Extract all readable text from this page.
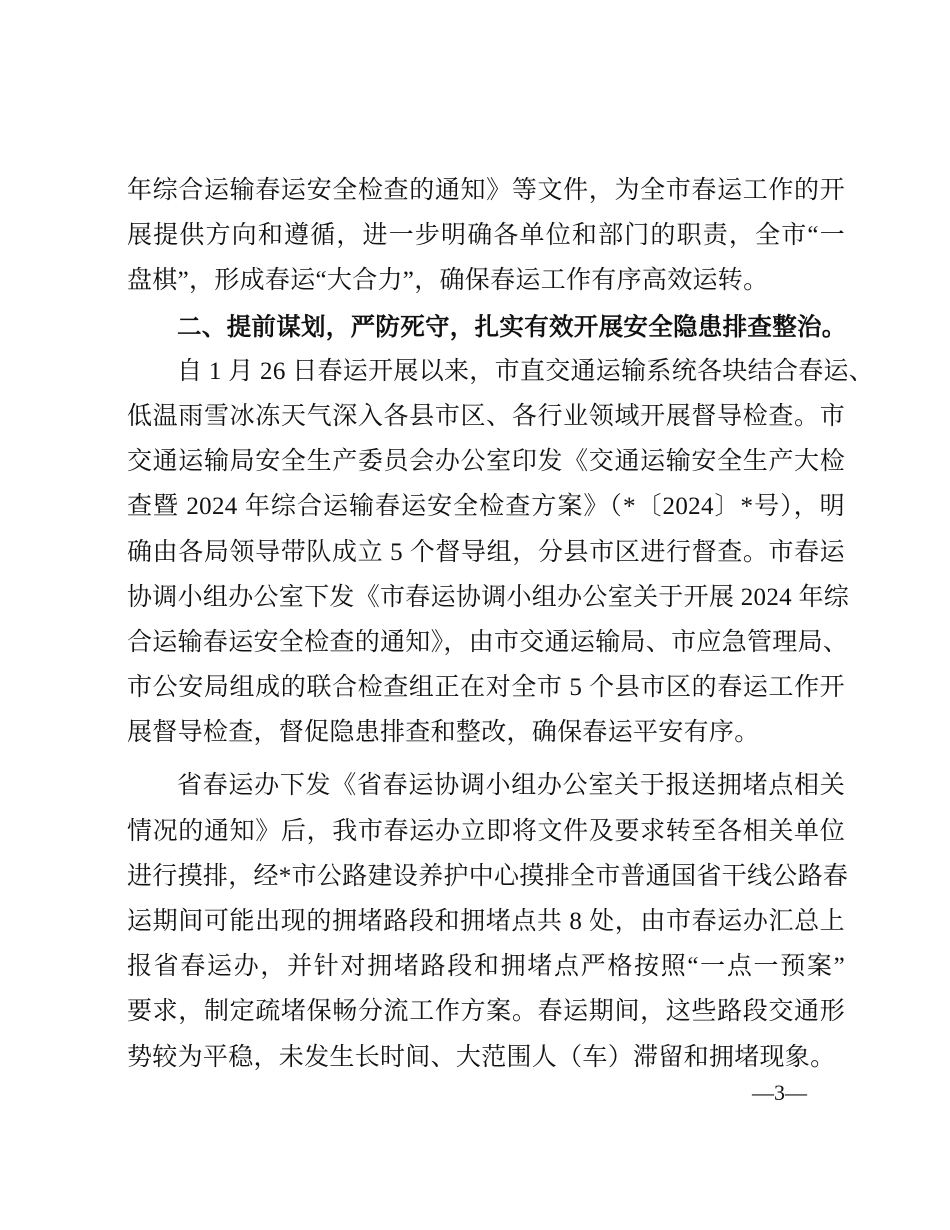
年综合运输春运安全检查的通知》等文件，为全市春运工作的开
展提供方向和遵循，进一步明确各单位和部门的职责，全市“一
盘棋”，形成春运“大合力”，确保春运工作有序高效运转。
二、提前谋划，严防死守，扎实有效开展安全隐患排查整治。
自 1 月 26 日春运开展以来，市直交通运输系统各块结合春运、
低温雨雪冰冻天气深入各县市区、各行业领域开展督导检查。市
交通运输局安全生产委员会办公室印发《交通运输安全生产大检
查暨 2024 年综合运输春运安全检查方案》（*〔2024〕*号），明
确由各局领导带队成立 5 个督导组，分县市区进行督查。市春运
协调小组办公室下发《市春运协调小组办公室关于开展 2024 年综
合运输春运安全检查的通知》，由市交通运输局、市应急管理局、
市公安局组成的联合检查组正在对全市 5 个县市区的春运工作开
展督导检查，督促隐患排查和整改，确保春运平安有序。
省春运办下发《省春运协调小组办公室关于报送拥堵点相关
情况的通知》后，我市春运办立即将文件及要求转至各相关单位
进行摸排，经*市公路建设养护中心摸排全市普通国省干线公路春
运期间可能出现的拥堵路段和拥堵点共 8 处，由市春运办汇总上
报省春运办，并针对拥堵路段和拥堵点严格按照“一点一预案”
要求，制定疏堵保畅分流工作方案。春运期间，这些路段交通形
势较为平稳，未发生长时间、大范围人（车）滞留和拥堵现象。
—3—
